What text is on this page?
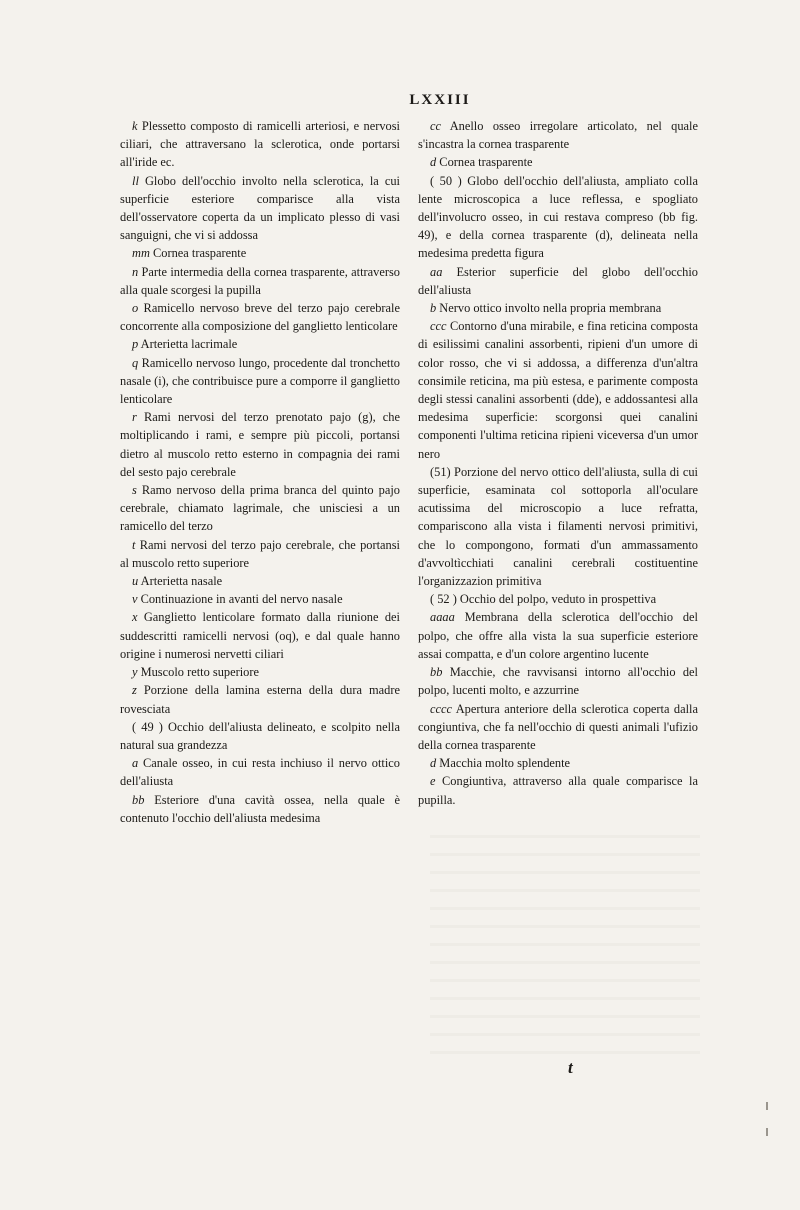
LXXIII

k Plessetto composto di ramicelli arteriosi, e nervosi ciliari, che attraversano la sclerotica, onde portarsi all'iride ec.

ll Globo dell'occhio involto nella sclerotica, la cui superficie esteriore comparisce alla vista dell'osservatore coperta da un implicato plesso di vasi sanguigni, che vi si addossa

mm Cornea trasparente

n Parte intermedia della cornea trasparente, attraverso alla quale scorgesi la pupilla

o Ramicello nervoso breve del terzo pajo cerebrale concorrente alla composizione del ganglietto lenticolare

p Arterietta lacrimale

q Ramicello nervoso lungo, procedente dal tronchetto nasale (i), che contribuisce pure a comporre il ganglietto lenticolare

r Rami nervosi del terzo prenotato pajo (g), che moltiplicando i rami, e sempre più piccoli, portansi dietro al muscolo retto esterno in compagnia dei rami del sesto pajo cerebrale

s Ramo nervoso della prima branca del quinto pajo cerebrale, chiamato lagrimale, che unisciesi a un ramicello del terzo

t Rami nervosi del terzo pajo cerebrale, che portansi al muscolo retto superiore

u Arterietta nasale

v Continuazione in avanti del nervo nasale

x Ganglietto lenticolare formato dalla riunione dei suddescritti ramicelli nervosi (oq), e dal quale hanno origine i numerosi nervetti ciliari

y Muscolo retto superiore

z Porzione della lamina esterna della dura madre rovesciata

( 49 ) Occhio dell'aliusta delineato, e scolpito nella natural sua grandezza

a Canale osseo, in cui resta inchiuso il nervo ottico dell'aliusta

bb Esteriore d'una cavità ossea, nella quale è contenuto l'occhio dell'aliusta medesima

cc Anello osseo irregolare articolato, nel quale s'incastra la cornea trasparente

d Cornea trasparente

( 50 ) Globo dell'occhio dell'aliusta, ampliato colla lente microscopica a luce reflessa, e spogliato dell'involucro osseo, in cui restava compreso (bb fig. 49), e della cornea trasparente (d), delineata nella medesima predetta figura

aa Esterior superficie del globo dell'occhio dell'aliusta

b Nervo ottico involto nella propria membrana

ccc Contorno d'una mirabile, e fina reticina composta di esilissimi canalini assorbenti, ripieni d'un umore di color rosso, che vi si addossa, a differenza d'un'altra consimile reticina, ma più estesa, e parimente composta degli stessi canalini assorbenti (dde), e addossantesi alla medesima superficie: scorgonsi quei canalini componenti l'ultima reticina ripieni viceversa d'un umor nero

(51) Porzione del nervo ottico dell'aliusta, sulla di cui superficie, esaminata col sottoporla all'oculare acutissima del microscopio a luce refratta, compariscono alla vista i filamenti nervosi primitivi, che lo compongono, formati d'un ammassamento d'avvoltìcchiati canalini cerebrali costituentine l'organizzazion primitiva

( 52 ) Occhio del polpo, veduto in prospettiva

aaaa Membrana della sclerotica dell'occhio del polpo, che offre alla vista la sua superficie esteriore assai compatta, e d'un colore argentino lucente

bb Macchie, che ravvisansi intorno all'occhio del polpo, lucenti molto, e azzurrine

cccc Apertura anteriore della sclerotica coperta dalla congiuntiva, che fa nell'occhio di questi animali l'ufizio della cornea trasparente

d Macchia molto splendente

e Congiuntiva, attraverso alla quale comparisce la pupilla.

t
